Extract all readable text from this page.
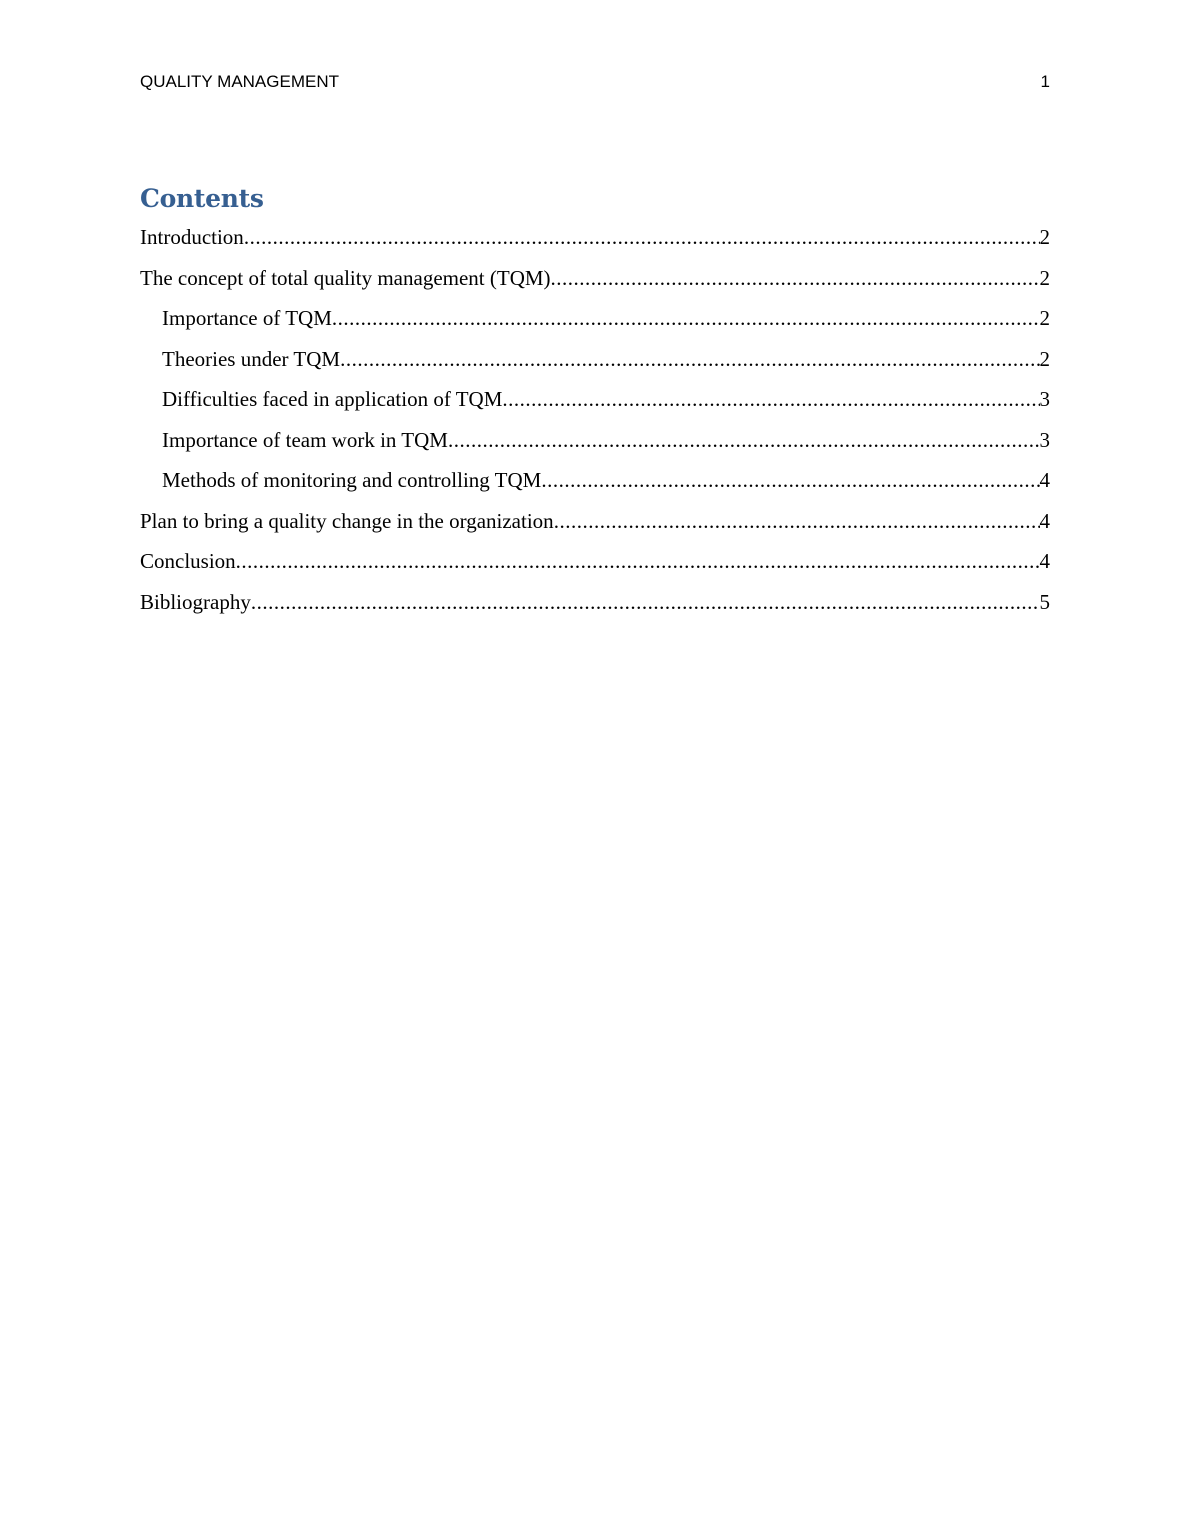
QUALITY MANAGEMENT	1
Contents
Introduction .....	2
The concept of total quality management (TQM) .....	2
Importance of TQM .....	2
Theories under TQM .....	2
Difficulties faced in application of TQM .....	3
Importance of team work in TQM .....	3
Methods of monitoring and controlling TQM .....	4
Plan to bring a quality change in the organization .....	4
Conclusion .....	4
Bibliography .....	5
